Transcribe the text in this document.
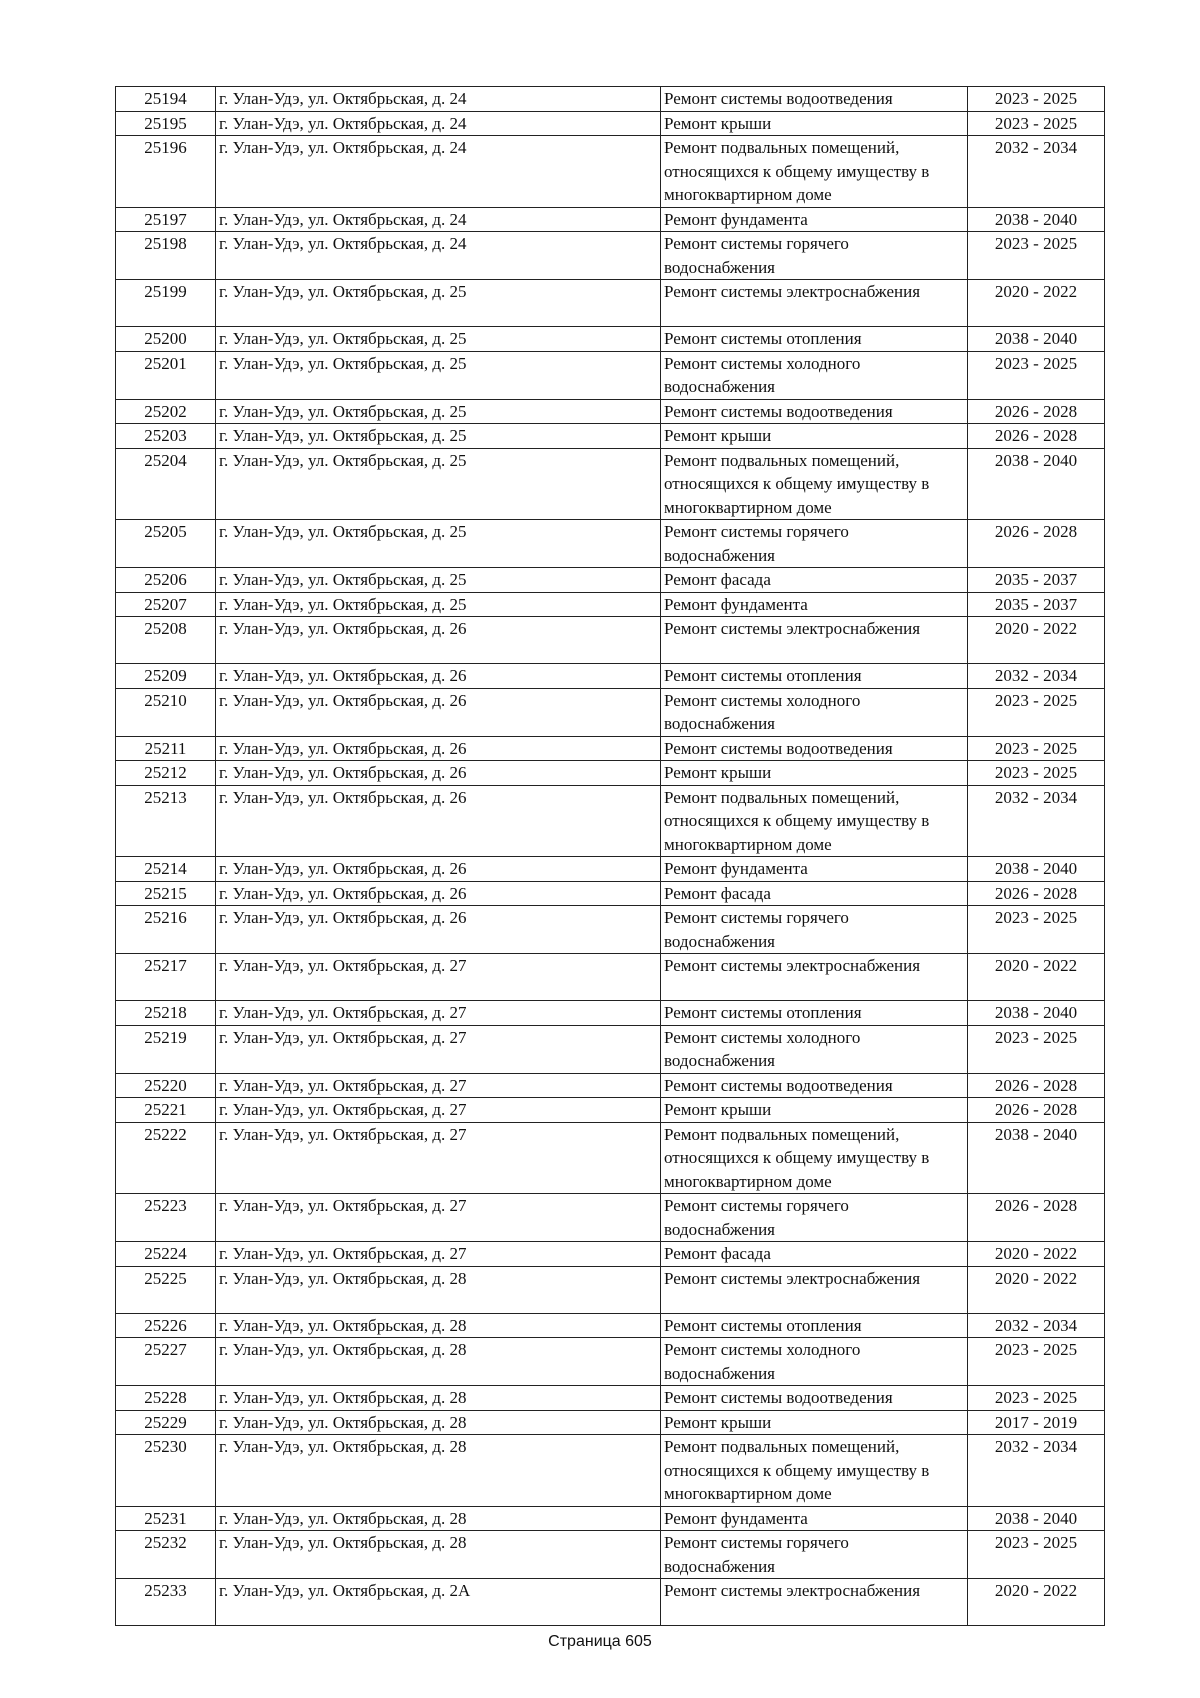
25194	г. Улан-Удэ, ул. Октябрьская, д. 24	Ремонт системы водоотведения	2023 - 2025
25195	г. Улан-Удэ, ул. Октябрьская, д. 24	Ремонт крыши	2023 - 2025
25196	г. Улан-Удэ, ул. Октябрьская, д. 24	Ремонт подвальных помещений, относящихся к общему имуществу в многоквартирном доме	2032 - 2034
25197	г. Улан-Удэ, ул. Октябрьская, д. 24	Ремонт фундамента	2038 - 2040
25198	г. Улан-Удэ, ул. Октябрьская, д. 24	Ремонт системы горячего водоснабжения	2023 - 2025
25199	г. Улан-Удэ, ул. Октябрьская, д. 25	Ремонт системы электроснабжения	2020 - 2022
25200	г. Улан-Удэ, ул. Октябрьская, д. 25	Ремонт системы отопления	2038 - 2040
25201	г. Улан-Удэ, ул. Октябрьская, д. 25	Ремонт системы холодного водоснабжения	2023 - 2025
25202	г. Улан-Удэ, ул. Октябрьская, д. 25	Ремонт системы водоотведения	2026 - 2028
25203	г. Улан-Удэ, ул. Октябрьская, д. 25	Ремонт крыши	2026 - 2028
25204	г. Улан-Удэ, ул. Октябрьская, д. 25	Ремонт подвальных помещений, относящихся к общему имуществу в многоквартирном доме	2038 - 2040
25205	г. Улан-Удэ, ул. Октябрьская, д. 25	Ремонт системы горячего водоснабжения	2026 - 2028
25206	г. Улан-Удэ, ул. Октябрьская, д. 25	Ремонт фасада	2035 - 2037
25207	г. Улан-Удэ, ул. Октябрьская, д. 25	Ремонт фундамента	2035 - 2037
25208	г. Улан-Удэ, ул. Октябрьская, д. 26	Ремонт системы электроснабжения	2020 - 2022
25209	г. Улан-Удэ, ул. Октябрьская, д. 26	Ремонт системы отопления	2032 - 2034
25210	г. Улан-Удэ, ул. Октябрьская, д. 26	Ремонт системы холодного водоснабжения	2023 - 2025
25211	г. Улан-Удэ, ул. Октябрьская, д. 26	Ремонт системы водоотведения	2023 - 2025
25212	г. Улан-Удэ, ул. Октябрьская, д. 26	Ремонт крыши	2023 - 2025
25213	г. Улан-Удэ, ул. Октябрьская, д. 26	Ремонт подвальных помещений, относящихся к общему имуществу в многоквартирном доме	2032 - 2034
25214	г. Улан-Удэ, ул. Октябрьская, д. 26	Ремонт фундамента	2038 - 2040
25215	г. Улан-Удэ, ул. Октябрьская, д. 26	Ремонт фасада	2026 - 2028
25216	г. Улан-Удэ, ул. Октябрьская, д. 26	Ремонт системы горячего водоснабжения	2023 - 2025
25217	г. Улан-Удэ, ул. Октябрьская, д. 27	Ремонт системы электроснабжения	2020 - 2022
25218	г. Улан-Удэ, ул. Октябрьская, д. 27	Ремонт системы отопления	2038 - 2040
25219	г. Улан-Удэ, ул. Октябрьская, д. 27	Ремонт системы холодного водоснабжения	2023 - 2025
25220	г. Улан-Удэ, ул. Октябрьская, д. 27	Ремонт системы водоотведения	2026 - 2028
25221	г. Улан-Удэ, ул. Октябрьская, д. 27	Ремонт крыши	2026 - 2028
25222	г. Улан-Удэ, ул. Октябрьская, д. 27	Ремонт подвальных помещений, относящихся к общему имуществу в многоквартирном доме	2038 - 2040
25223	г. Улан-Удэ, ул. Октябрьская, д. 27	Ремонт системы горячего водоснабжения	2026 - 2028
25224	г. Улан-Удэ, ул. Октябрьская, д. 27	Ремонт фасада	2020 - 2022
25225	г. Улан-Удэ, ул. Октябрьская, д. 28	Ремонт системы электроснабжения	2020 - 2022
25226	г. Улан-Удэ, ул. Октябрьская, д. 28	Ремонт системы отопления	2032 - 2034
25227	г. Улан-Удэ, ул. Октябрьская, д. 28	Ремонт системы холодного водоснабжения	2023 - 2025
25228	г. Улан-Удэ, ул. Октябрьская, д. 28	Ремонт системы водоотведения	2023 - 2025
25229	г. Улан-Удэ, ул. Октябрьская, д. 28	Ремонт крыши	2017 - 2019
25230	г. Улан-Удэ, ул. Октябрьская, д. 28	Ремонт подвальных помещений, относящихся к общему имуществу в многоквартирном доме	2032 - 2034
25231	г. Улан-Удэ, ул. Октябрьская, д. 28	Ремонт фундамента	2038 - 2040
25232	г. Улан-Удэ, ул. Октябрьская, д. 28	Ремонт системы горячего водоснабжения	2023 - 2025
25233	г. Улан-Удэ, ул. Октябрьская, д. 2А	Ремонт системы электроснабжения	2020 - 2022
Страница 605
